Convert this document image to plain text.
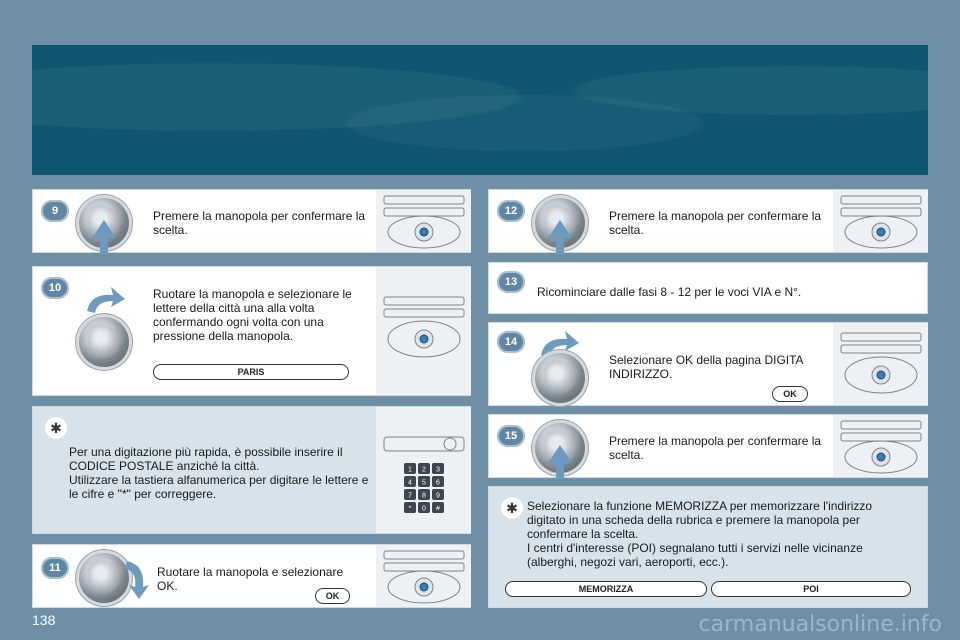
9	Premere la manopola per confermare la scelta.
10	Ruotare la manopola e selezionare le lettere della città una alla volta confermando ogni volta con una pressione della manopola.
PARIS
✱
Per una digitazione più rapida, è possibile inserire il CODICE POSTALE anziché la città.
Utilizzare la tastiera alfanumerica per digitare le lettere e le cifre e "*" per correggere.
1 2 3
4 5 6
7 8 9
* 0 #
11	Ruotare la manopola e selezionare OK.
OK
12	Premere la manopola per confermare la scelta.
13
Ricominciare dalle fasi 8 - 12 per le voci VIA e N°.
14
Selezionare OK della pagina DIGITA INDIRIZZO.
OK
15	Premere la manopola per confermare la scelta.
✱ Selezionare la funzione MEMORIZZA per memorizzare l'indirizzo digitato in una scheda della rubrica e premere la manopola per confermare la scelta.
I centri d'interesse (POI) segnalano tutti i servizi nelle vicinanze (alberghi, negozi vari, aeroporti, ecc.).
MEMORIZZA	POI
138	carmanualsonline.info
